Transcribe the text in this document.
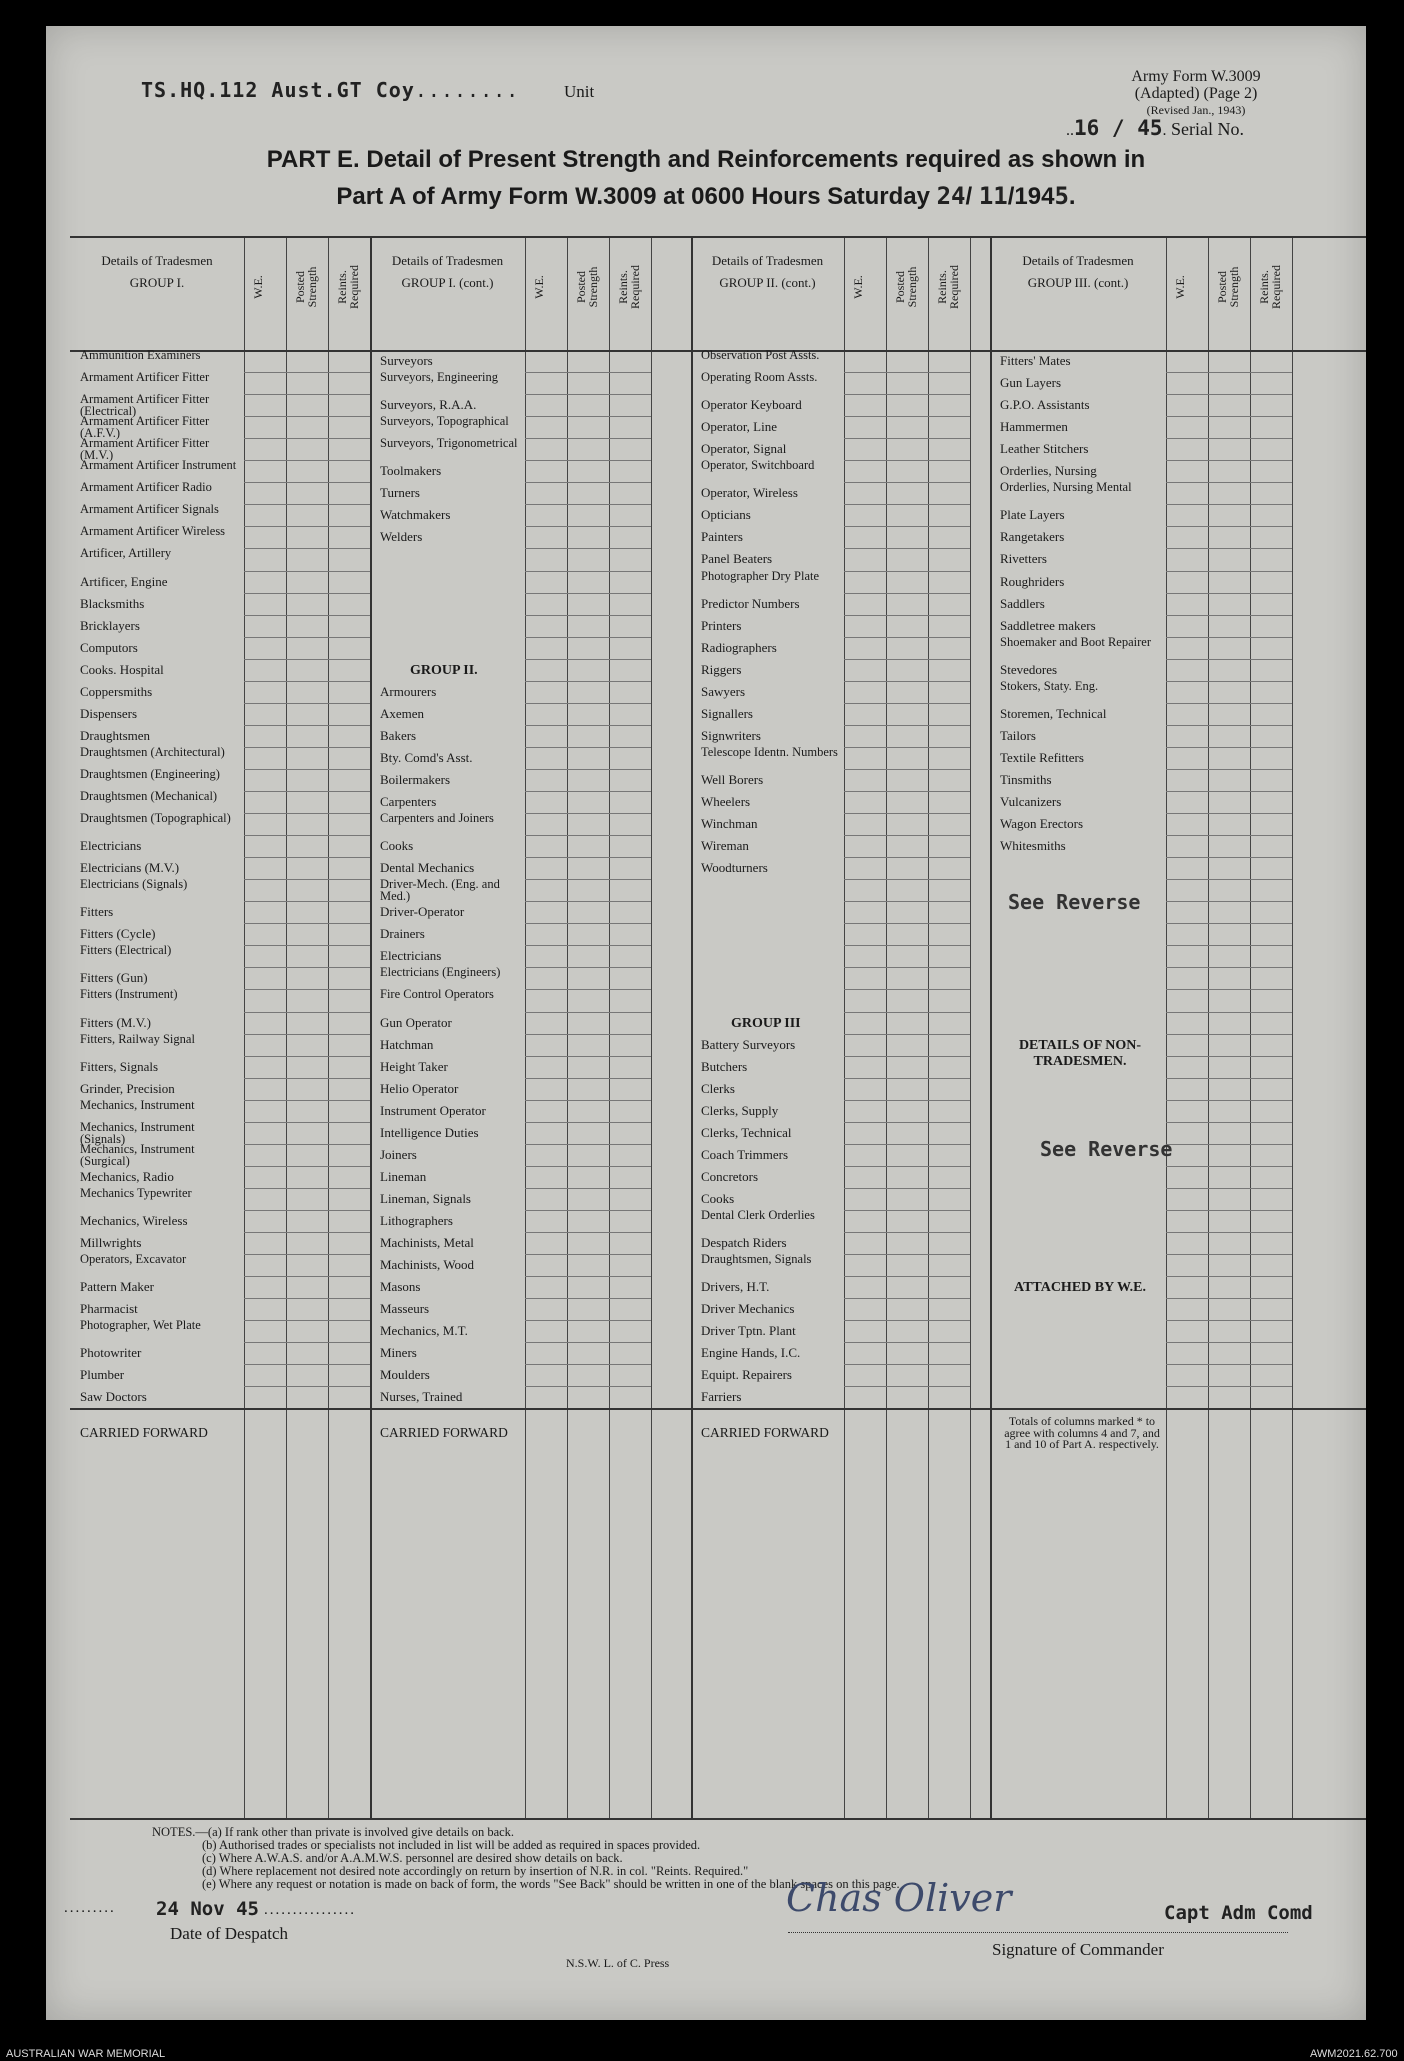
TS.HQ.112 Aust.GT Coy........	Unit
Army Form W.3009
(Adapted) (Page 2)
(Revised Jan., 1943)
..16 / 45. Serial No.
PART E. Detail of Present Strength and Reinforcements required as shown in
Part A of Army Form W.3009 at 0600 Hours Saturday 24/ 11/1945.
Details of Tradesmen
GROUP I.	W.E. Posted Strength Reints. Required
Details of Tradesmen
GROUP I. (cont.)	W.E. Posted Strength Reints. Required
Details of Tradesmen
GROUP II. (cont.)	W.E. Posted Strength Reints. Required
Details of Tradesmen
GROUP III. (cont.)	W.E. Posted Strength Reints. Required
Ammunition Examiners
Armament Artificer Fitter
Armament Artificer Fitter (Electrical)
Armament Artificer Fitter (A.F.V.)
Armament Artificer Fitter (M.V.)
Armament Artificer Instrument
Armament Artificer Radio
Armament Artificer Signals
Armament Artificer Wireless
Artificer, Artillery
Artificer, Engine
Blacksmiths
Bricklayers
Computors
Cooks. Hospital
Coppersmiths
Dispensers
Draughtsmen
Draughtsmen (Architectural)
Draughtsmen (Engineering)
Draughtsmen (Mechanical)
Draughtsmen (Topographical)
Electricians
Electricians (M.V.)
Electricians (Signals)
Fitters
Fitters (Cycle)
Fitters (Electrical)
Fitters (Gun)
Fitters (Instrument)
Fitters (M.V.)
Fitters, Railway Signal
Fitters, Signals
Grinder, Precision
Mechanics, Instrument
Mechanics, Instrument (Signals)
Mechanics, Instrument (Surgical)
Mechanics, Radio
Mechanics Typewriter
Mechanics, Wireless
Millwrights
Operators, Excavator
Pattern Maker
Pharmacist
Photographer, Wet Plate
Photowriter
Plumber
Saw Doctors
CARRIED FORWARD
Surveyors
Surveyors, Engineering
Surveyors, R.A.A.
Surveyors, Topographical
Surveyors, Trigonometrical
Toolmakers
Turners
Watchmakers
Welders
GROUP II.
Armourers
Axemen
Bakers
Bty. Comd's Asst.
Boilermakers
Carpenters
Carpenters and Joiners
Cooks
Dental Mechanics
Driver-Mech. (Eng. and Med.)
Driver-Operator
Drainers
Electricians
Electricians (Engineers)
Fire Control Operators
Gun Operator
Hatchman
Height Taker
Helio Operator
Instrument Operator
Intelligence Duties
Joiners
Lineman
Lineman, Signals
Lithographers
Machinists, Metal
Machinists, Wood
Masons
Masseurs
Mechanics, M.T.
Miners
Moulders
Nurses, Trained
CARRIED FORWARD
Observation Post Assts.
Operating Room Assts.
Operator Keyboard
Operator, Line
Operator, Signal
Operator, Switchboard
Operator, Wireless
Opticians
Painters
Panel Beaters
Photographer Dry Plate
Predictor Numbers
Printers
Radiographers
Riggers
Sawyers
Signallers
Signwriters
Telescope Identn. Numbers
Well Borers
Wheelers
Winchman
Wireman
Woodturners
GROUP III
Battery Surveyors
Butchers
Clerks
Clerks, Supply
Clerks, Technical
Coach Trimmers
Concretors
Cooks
Dental Clerk Orderlies
Despatch Riders
Draughtsmen, Signals
Drivers, H.T.
Driver Mechanics
Driver Tptn. Plant
Engine Hands, I.C.
Equipt. Repairers
Farriers
CARRIED FORWARD
Fitters' Mates
Gun Layers
G.P.O. Assistants
Hammermen
Leather Stitchers
Orderlies, Nursing
Orderlies, Nursing Mental
Plate Layers
Rangetakers
Rivetters
Roughriders
Saddlers
Saddletree makers
Shoemaker and Boot Repairer
Stevedores
Stokers, Staty. Eng.
Storemen, Technical
Tailors
Textile Refitters
Tinsmiths
Vulcanizers
Wagon Erectors
Whitesmiths
DETAILS OF NON-TRADESMEN.
ATTACHED BY W.E.
Totals of columns marked * to agree with columns 4 and 7, and 1 and 10 of Part A. respectively.
See Reverse
See Reverse
NOTES.—(a) If rank other than private is involved give details on back.
(b) Authorised trades or specialists not included in list will be added as required in spaces provided.
(c) Where A.W.A.S. and/or A.A.M.W.S. personnel are desired show details on back.
(d) Where replacement not desired note accordingly on return by insertion of N.R. in col. "Reints. Required."
(e) Where any request or notation is made on back of form, the words "See Back" should be written in one of the blank spaces on this page.
......... 24 Nov 45 ................
Date of Despatch
Chas Oliver	Capt Adm Comd
Signature of Commander
N.S.W. L. of C. Press
AUSTRALIAN WAR MEMORIAL	AWM2021.62.700
